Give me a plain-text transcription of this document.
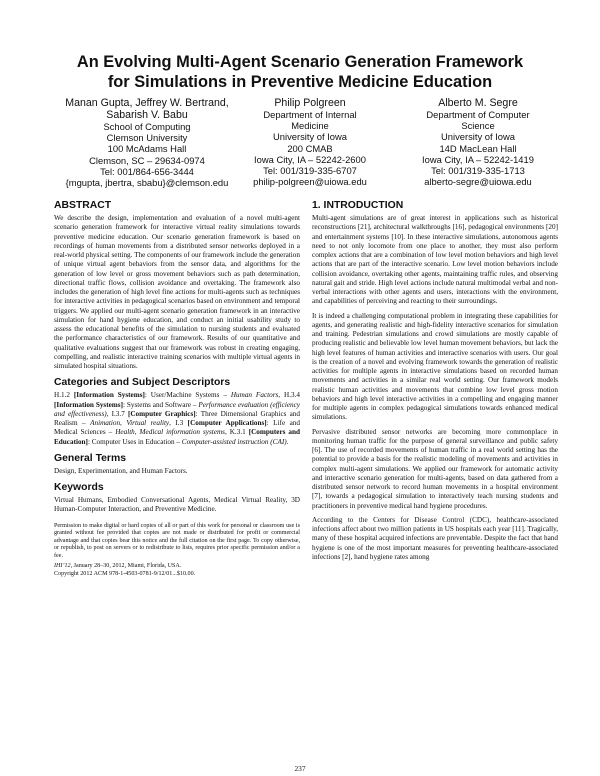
An Evolving Multi-Agent Scenario Generation Framework
for Simulations in Preventive Medicine Education
Manan Gupta, Jeffrey W. Bertrand,
Sabarish V. Babu
School of Computing
Clemson University
100 McAdams Hall
Clemson, SC – 29634-0974
Tel: 001/864-656-3444
{mgupta, jbertra, sbabu}@clemson.edu
Philip Polgreen
Department of Internal Medicine
University of Iowa
200 CMAB
Iowa City, IA – 52242-2600
Tel: 001/319-335-6707
philip-polgreen@uiowa.edu
Alberto M. Segre
Department of Computer
Science
University of Iowa
14D MacLean Hall
Iowa City, IA – 52242-1419
Tel: 001/319-335-1713
alberto-segre@uiowa.edu
ABSTRACT

We describe the design, implementation and evaluation of a novel multi-agent scenario generation framework for interactive virtual reality simulations towards preventive medicine education. Our scenario generation framework is based on recordings of human movements from a distributed sensor networks deployed in a real-world physical setting. The components of our framework include the generation of unique virtual agent behaviors from the sensor data, and algorithms for the generation of low level or gross movement behaviors such as path determination, directional traffic flows, collision avoidance and overtaking. The framework also includes the generation of high level fine actions for multi-agents such as techniques for interactive activities in pedagogical scenarios based on environment and temporal triggers. We applied our multi-agent scenario generation framework in an interactive simulation for hand hygiene education, and conduct an initial usability study to assess the educational benefits of the simulation to nursing students and evaluated the performance characteristics of our framework. Results of our quantitative and qualitative evaluations suggest that our framework was robust in creating engaging, compelling, and realistic interactive training scenarios with multiple virtual agents in simulated hospital situations.

Categories and Subject Descriptors

H.1.2 [Information Systems]: User/Machine Systems – Human Factors, H.3.4 [Information Systems]: Systems and Software – Performance evaluation (efficiency and effectiveness), I.3.7 [Computer Graphics]: Three Dimensional Graphics and Realism – Animation, Virtual reality, I.3 [Computer Applications]: Life and Medical Sciences – Health, Medical information systems, K.3.1 [Computers and Education]: Computer Uses in Education – Computer-assisted instruction (CAI).

General Terms

Design, Experimentation, and Human Factors.

Keywords

Virtual Humans, Embodied Conversational Agents, Medical Virtual Reality, 3D Human-Computer Interaction, and Preventive Medicine.

Permission to make digital or hard copies of all or part of this work for personal or classroom use is granted without fee provided that copies are not made or distributed for profit or commercial advantage and that copies bear this notice and the full citation on the first page. To copy otherwise, or republish, to post on servers or to redistribute to lists, requires prior specific permission and/or a fee.

IHI’12, January 28–30, 2012, Miami, Florida, USA.
Copyright 2012 ACM 978-1-4503-0781-9/12/01...$10.00.
1. INTRODUCTION

Multi-agent simulations are of great interest in applications such as historical reconstructions [21], architectural walkthroughs [16], pedagogical environments [20] and entertainment systems [10]. In these interactive simulations, autonomous agents need to not only locomote from one place to another, they must also perform complex actions that are a combination of low level motion behaviors and high level actions that are part of the interactive scenario. Low level motion behaviors include collision avoidance, overtaking other agents, maintaining traffic rules, and observing natural gait and stride. High level actions include natural multimodal verbal and non-verbal interactions with other agents and users, interactions with the environment, and capabilities of perceiving and reacting to their surroundings.

It is indeed a challenging computational problem in integrating these capabilities for agents, and generating realistic and high-fidelity interactive scenarios for simulation and training. Pedestrian simulations and crowd simulations are mostly capable of producing realistic and believable low level human movement behaviors, but lack the high level features of human activities and interactive scenarios with users. Our goal is the creation of a novel and evolving framework towards the generation of realistic activities for multiple agents in interactive simulations based on recorded human movements and activities in a similar real world setting. Our framework models realistic human activities and movements that combine low level gross motion behaviors and high level interactive activities in a compelling and engaging manner for multiple agents in complex pedagogical simulations towards enhanced medical simulations.

Pervasive distributed sensor networks are becoming more commonplace in monitoring human traffic for the purpose of general surveillance and public safety [6]. The use of recorded movements of human traffic in a real world setting has the potential to provide a basis for the realistic modeling of movements and activities in complex multi-agent simulations. We applied our framework for automatic activity and interactive scenario generation for multi-agents, based on data gathered from a distributed sensor network to record human movements in a hospital environment [7], towards a pedagogical simulation to interactively teach nursing students and practitioners in preventive medical hand hygiene procedures.

According to the Centers for Disease Control (CDC), healthcare-associated infections affect about two million patients in US hospitals each year [11]. Tragically, many of these hospital acquired infections are preventable. Despite the fact that hand hygiene is one of the most important measures for preventing healthcare-associated infections [2], hand hygiene rates among

237
